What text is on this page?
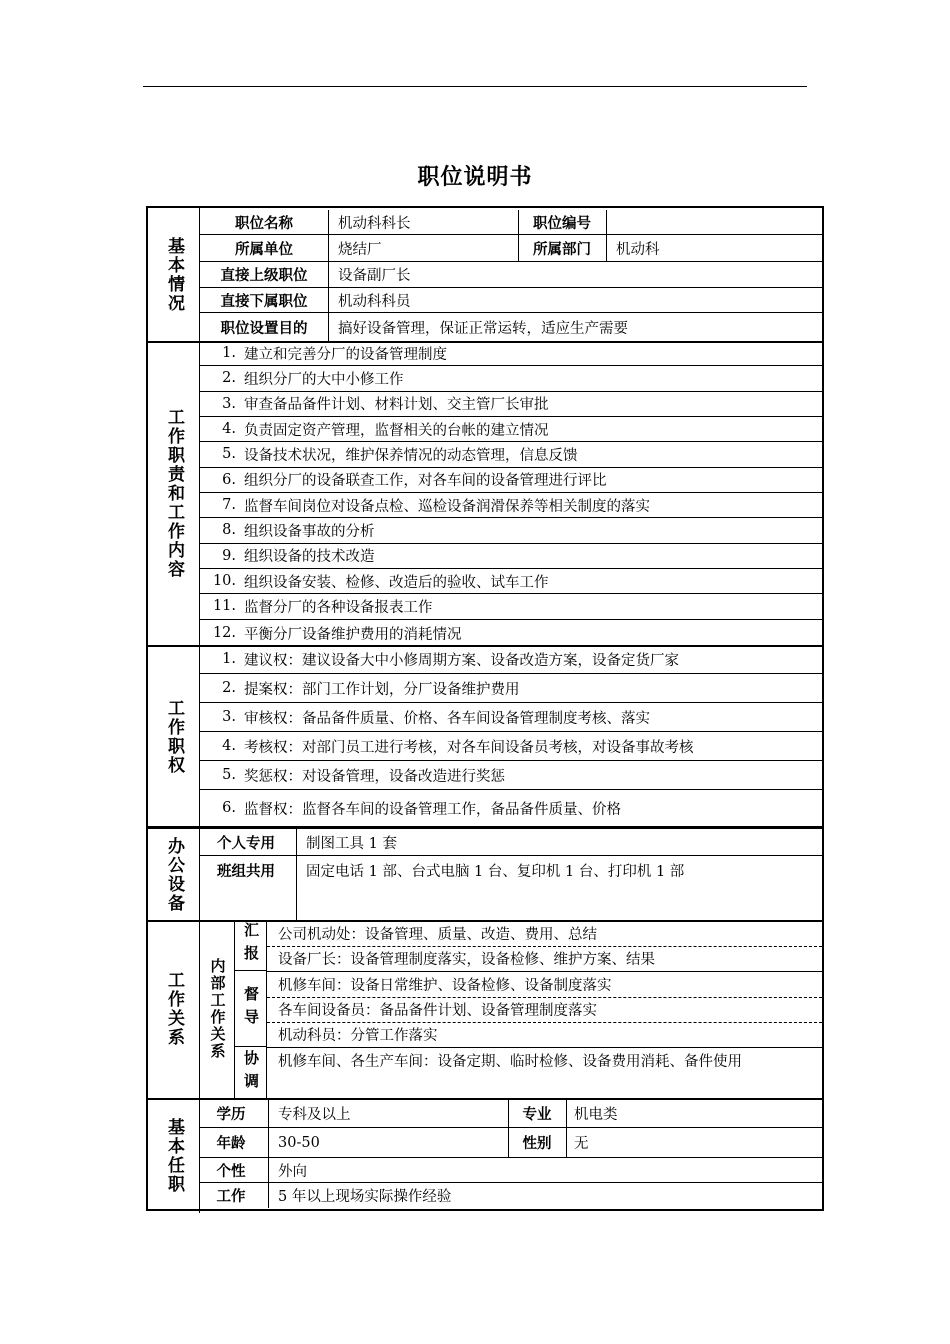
职位说明书
基本情况
职位名称	机动科科长	职位编号
所属单位	烧结厂	所属部门	机动科
直接上级职位	设备副厂长
直接下属职位	机动科科员
职位设置目的	搞好设备管理，保证正常运转，适应生产需要
工作职责和工作内容
1. 建立和完善分厂的设备管理制度
2. 组织分厂的大中小修工作
3. 审查备品备件计划、材料计划、交主管厂长审批
4. 负责固定资产管理，监督相关的台帐的建立情况
5. 设备技术状况，维护保养情况的动态管理，信息反馈
6. 组织分厂的设备联查工作，对各车间的设备管理进行评比
7. 监督车间岗位对设备点检、巡检设备润滑保养等相关制度的落实
8. 组织设备事故的分析
9. 组织设备的技术改造
10. 组织设备安装、检修、改造后的验收、试车工作
11. 监督分厂的各种设备报表工作
12. 平衡分厂设备维护费用的消耗情况
工作职权
1. 建议权：建议设备大中小修周期方案、设备改造方案，设备定货厂家
2. 提案权：部门工作计划，分厂设备维护费用
3. 审核权：备品备件质量、价格、各车间设备管理制度考核、落实
4. 考核权：对部门员工进行考核，对各车间设备员考核，对设备事故考核
5. 奖惩权：对设备管理，设备改造进行奖惩
6. 监督权：监督各车间的设备管理工作，备品备件质量、价格
办公设备	个人专用	制图工具 1 套
班组共用	固定电话 1 部、台式电脑 1 台、复印机 1 台、打印机 1 部
工作关系 内部工作关系
汇报 公司机动处：设备管理、质量、改造、费用、总结
设备厂长：设备管理制度落实，设备检修、维护方案、结果
督导 机修车间：设备日常维护、设备检修、设备制度落实
各车间设备员：备品备件计划、设备管理制度落实
机动科员：分管工作落实
协调 机修车间、各生产车间：设备定期、临时检修、设备费用消耗、备件使用
基本任职
学历	专科及以上	专业	机电类
年龄	30-50	性别	无
个性	外向
工作	5 年以上现场实际操作经验
